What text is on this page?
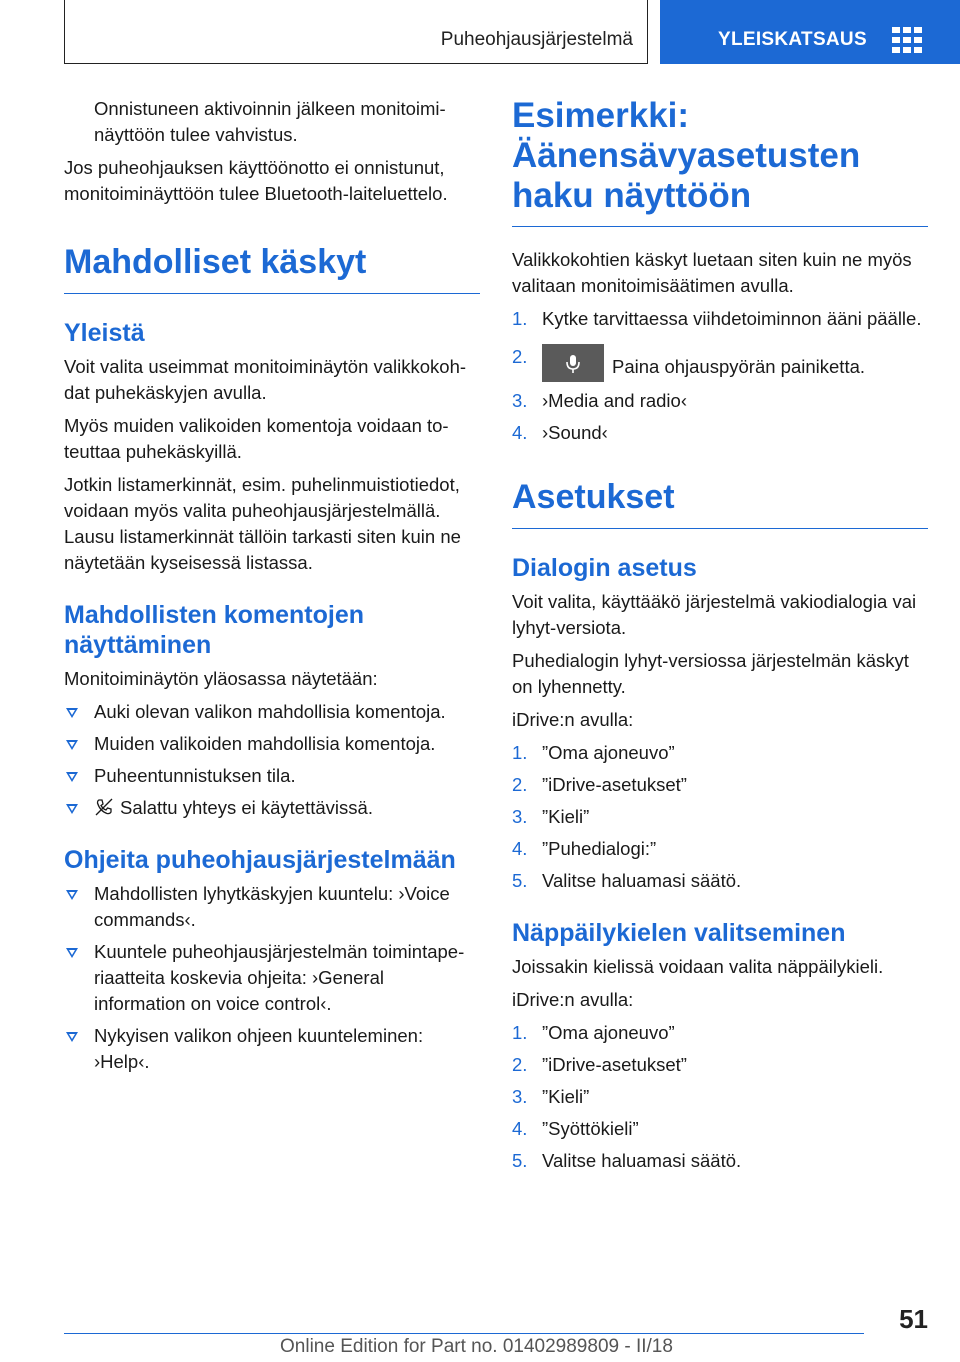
Puheohjausjärjestelmä	YLEISKATSAUS

Onnistuneen aktivoinnin jälkeen monitoimi-näyttöön tulee vahvistus.

Jos puheohjauksen käyttöönotto ei onnistunut, monitoiminäyttöön tulee Bluetooth-laiteluettelo.

Mahdolliset käskyt
Yleistä

Voit valita useimmat monitoiminäytön valikkokoh-dat puhekäskyjen avulla.

Myös muiden valikoiden komentoja voidaan to-teuttaa puhekäskyillä.

Jotkin listamerkinnät, esim. puhelinmuistiotiedot, voidaan myös valita puheohjausjärjestelmällä. Lausu listamerkinnät tällöin tarkasti siten kuin ne näytetään kyseisessä listassa.

Mahdollisten komentojen näyttäminen

Monitoiminäytön yläosassa näytetään:

Auki olevan valikon mahdollisia komentoja.
Muiden valikoiden mahdollisia komentoja.
Puheentunnistuksen tila.
Salattu yhteys ei käytettävissä.
Ohjeita puheohjausjärjestelmään
Mahdollisten lyhytkäskyjen kuuntelu: ›Voice commands‹.
Kuuntele puheohjausjärjestelmän toimintape-riaatteita koskevia ohjeita: ›General information on voice control‹.
Nykyisen valikon ohjeen kuunteleminen: ›Help‹.
Esimerkki: Äänensävyasetusten haku näyttöön

Valikkokohtien käskyt luetaan siten kuin ne myös valitaan monitoimisäätimen avulla.

1. Kytke tarvittaessa viihdetoiminnon ääni päälle.
2.	Paina ohjauspyörän painiketta.
3. ›Media and radio‹
4. ›Sound‹
Asetukset
Dialogin asetus

Voit valita, käyttääkö järjestelmä vakiodialogia vai lyhyt-versiota.

Puhedialogin lyhyt-versiossa järjestelmän käskyt on lyhennetty.

iDrive:n avulla:

1. ”Oma ajoneuvo”
2. ”iDrive-asetukset”
3. ”Kieli”
4. ”Puhedialogi:”
5. Valitse haluamasi säätö.
Näppäilykielen valitseminen

Joissakin kielissä voidaan valita näppäilykieli.

iDrive:n avulla:

1. ”Oma ajoneuvo”
2. ”iDrive-asetukset”
3. ”Kieli”
4. ”Syöttökieli”
5. Valitse haluamasi säätö.
51
Online Edition for Part no. 01402989809 - II/18
